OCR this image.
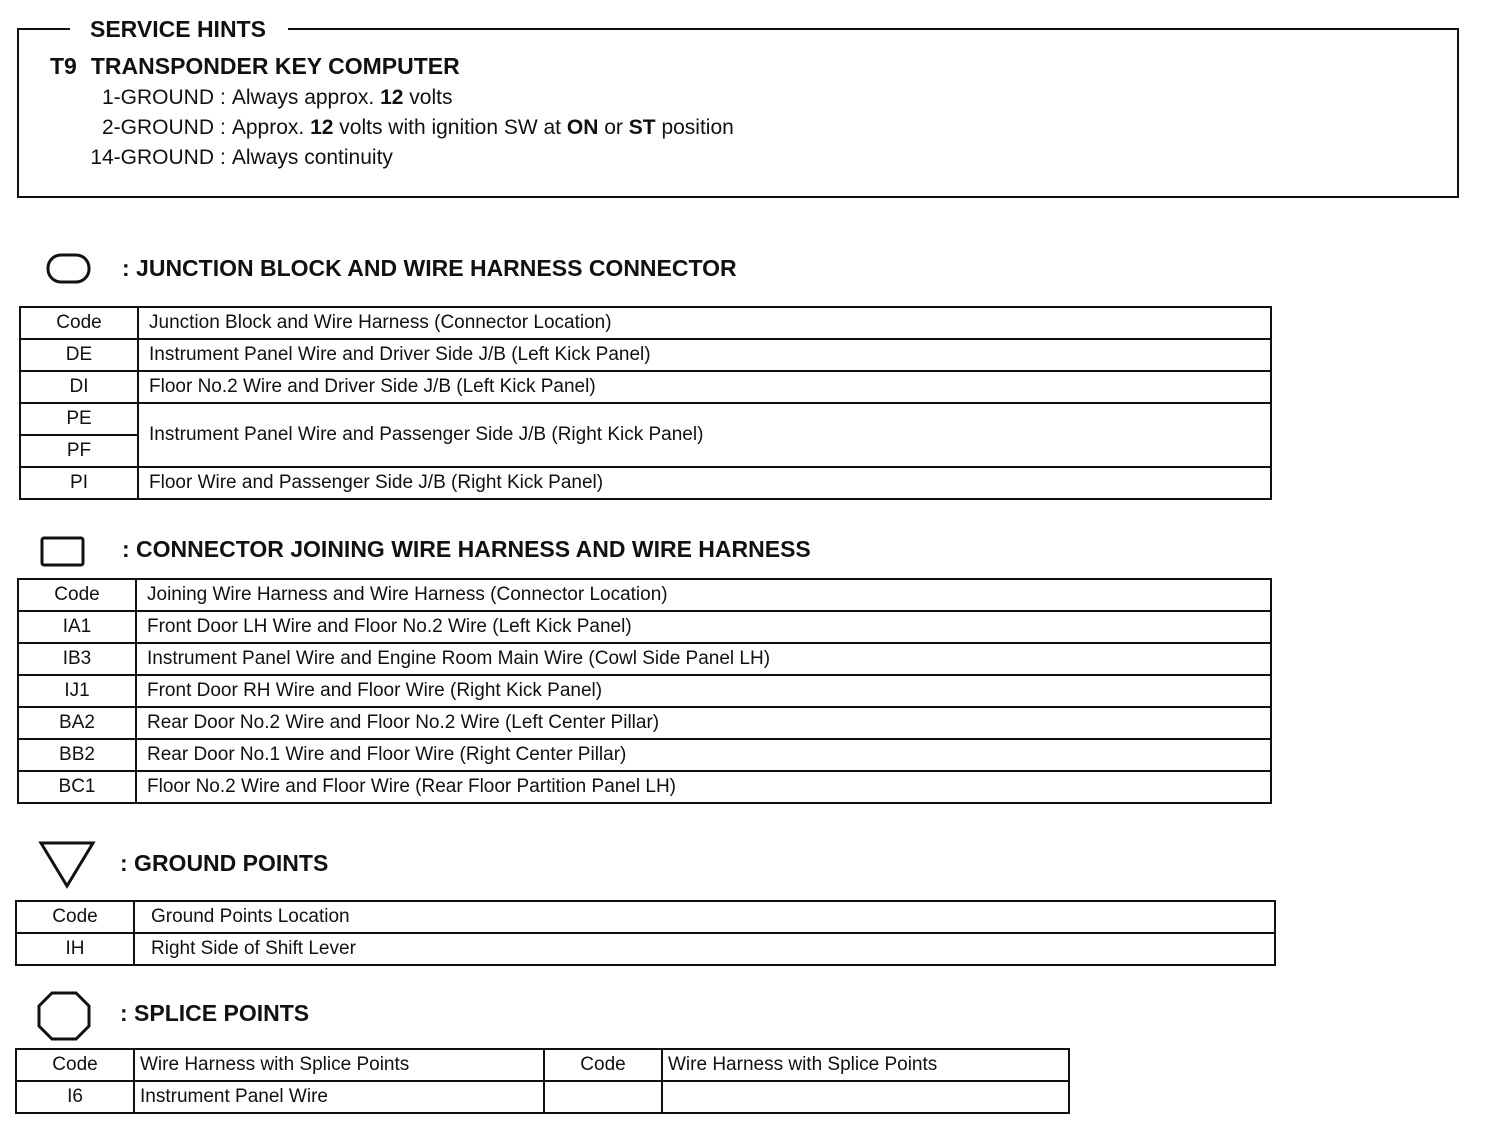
SERVICE HINTS
T9 TRANSPONDER KEY COMPUTER
1-GROUND : Always approx. 12 volts
2-GROUND : Approx. 12 volts with ignition SW at ON or ST position
14-GROUND : Always continuity
: JUNCTION BLOCK AND WIRE HARNESS CONNECTOR
Code	Junction Block and Wire Harness (Connector Location)
DE	Instrument Panel Wire and Driver Side J/B (Left Kick Panel)
DI	Floor No.2 Wire and Driver Side J/B (Left Kick Panel)
PE	Instrument Panel Wire and Passenger Side J/B (Right Kick Panel)
PF	
PI	Floor Wire and Passenger Side J/B (Right Kick Panel)
: CONNECTOR JOINING WIRE HARNESS AND WIRE HARNESS
Code	Joining Wire Harness and Wire Harness (Connector Location)
IA1	Front Door LH Wire and Floor No.2 Wire (Left Kick Panel)
IB3	Instrument Panel Wire and Engine Room Main Wire (Cowl Side Panel LH)
IJ1	Front Door RH Wire and Floor Wire (Right Kick Panel)
BA2	Rear Door No.2 Wire and Floor No.2 Wire (Left Center Pillar)
BB2	Rear Door No.1 Wire and Floor Wire (Right Center Pillar)
BC1	Floor No.2 Wire and Floor Wire (Rear Floor Partition Panel LH)
: GROUND POINTS
Code	Ground Points Location
IH	Right Side of Shift Lever
: SPLICE POINTS
Code	Wire Harness with Splice Points	Code	Wire Harness with Splice Points
I6	Instrument Panel Wire		
